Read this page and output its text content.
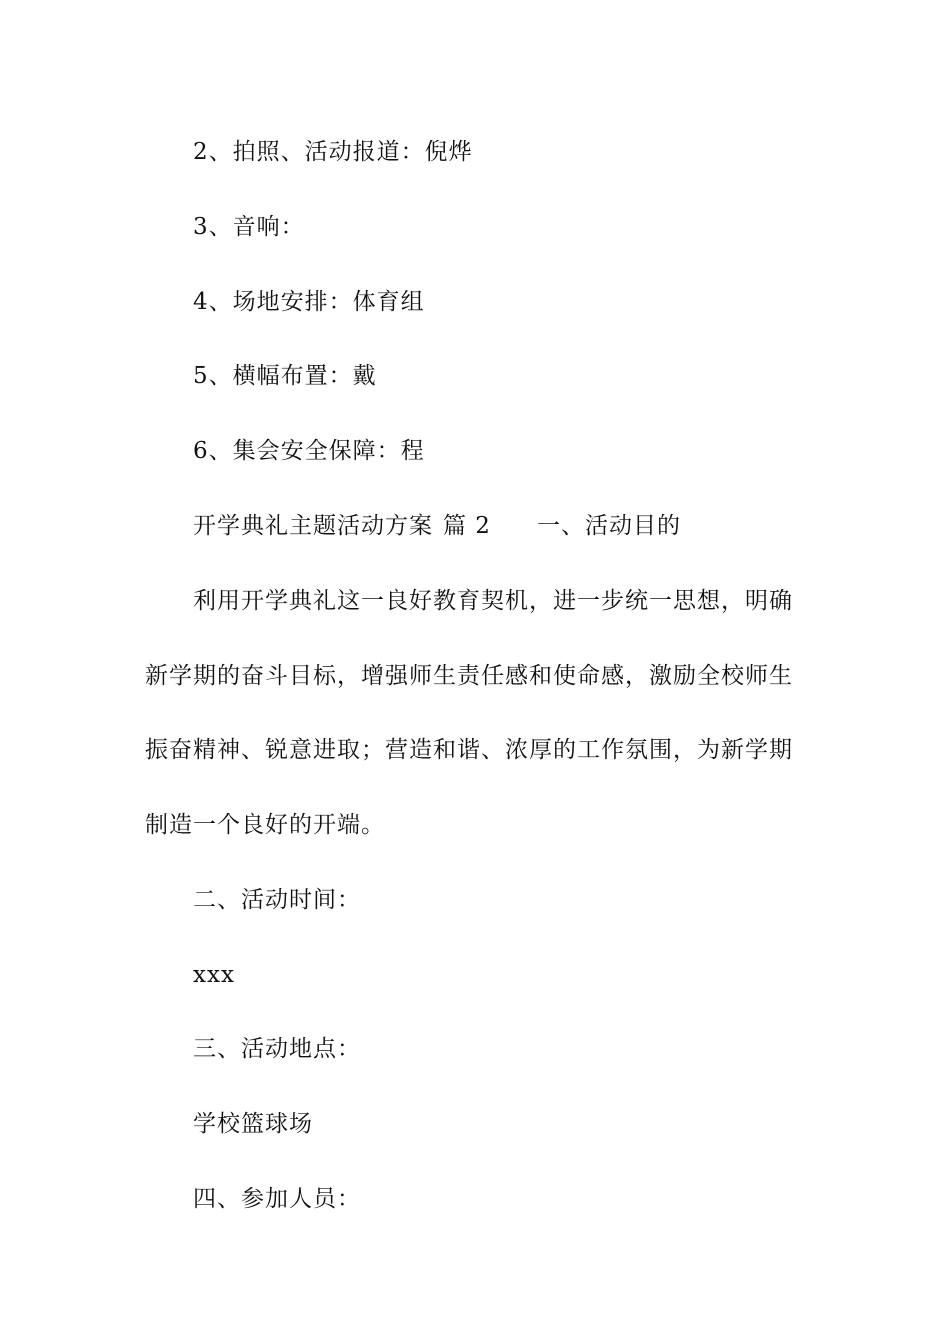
2、拍照、活动报道：倪烨
3、音响：
4、场地安排：体育组
5、横幅布置：戴
6、集会安全保障：程
开学典礼主题活动方案 篇 2 一、活动目的
利用开学典礼这一良好教育契机，进一步统一思想，明确
新学期的奋斗目标，增强师生责任感和使命感，激励全校师生
振奋精神、锐意进取；营造和谐、浓厚的工作氛围，为新学期
制造一个良好的开端。
二、活动时间：
xxx
三、活动地点：
学校篮球场
四、参加人员：
